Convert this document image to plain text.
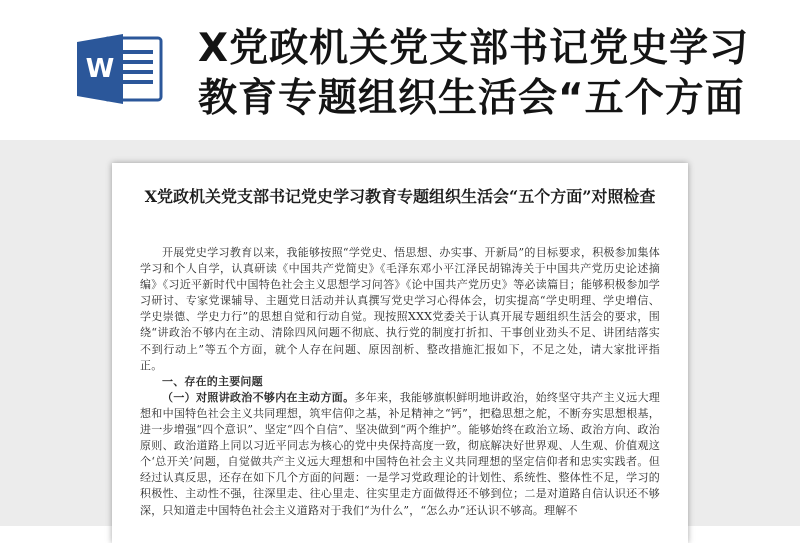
W X党政机关党支部书记党史学习
教育专题组织生活会“五个方面
X党政机关党支部书记党史学习教育专题组织生活会“五个方面”对照检查

开展党史学习教育以来，我能够按照“学党史、悟思想、办实事、开新局”的目标要求，积极参加集体学习和个人自学，认真研读《中国共产党简史》《毛泽东邓小平江泽民胡锦涛关于中国共产党历史论述摘编》《习近平新时代中国特色社会主义思想学习问答》《论中国共产党历史》等必读篇目；能够积极参加学习研讨、专家党课辅导、主题党日活动并认真撰写党史学习心得体会，切实提高“学史明理、学史增信、学史崇德、学史力行”的思想自觉和行动自觉。现按照XXX党委关于认真开展专题组织生活会的要求，围绕“讲政治不够内在主动、清除四风问题不彻底、执行党的制度打折扣、干事创业劲头不足、讲团结落实不到行动上”等五个方面，就个人存在问题、原因剖析、整改措施汇报如下，不足之处，请大家批评指正。

一、存在的主要问题

（一）对照讲政治不够内在主动方面。多年来，我能够旗帜鲜明地讲政治，始终坚守共产主义远大理想和中国特色社会主义共同理想，筑牢信仰之基，补足精神之“钙”，把稳思想之舵，不断夯实思想根基，进一步增强“四个意识”、坚定“四个自信”、坚决做到“两个维护”。能够始终在政治立场、政治方向、政治原则、政治道路上同以习近平同志为核心的党中央保持高度一致，彻底解决好世界观、人生观、价值观这个‘总开关’问题，自觉做共产主义远大理想和中国特色社会主义共同理想的坚定信仰者和忠实实践者。但经过认真反思，还存在如下几个方面的问题：一是学习党政理论的计划性、系统性、整体性不足，学习的积极性、主动性不强，往深里走、往心里走、往实里走方面做得还不够到位；二是对道路自信认识还不够深，只知道走中国特色社会主义道路对于我们“为什么”，“怎么办”还认识不够高。理解不
